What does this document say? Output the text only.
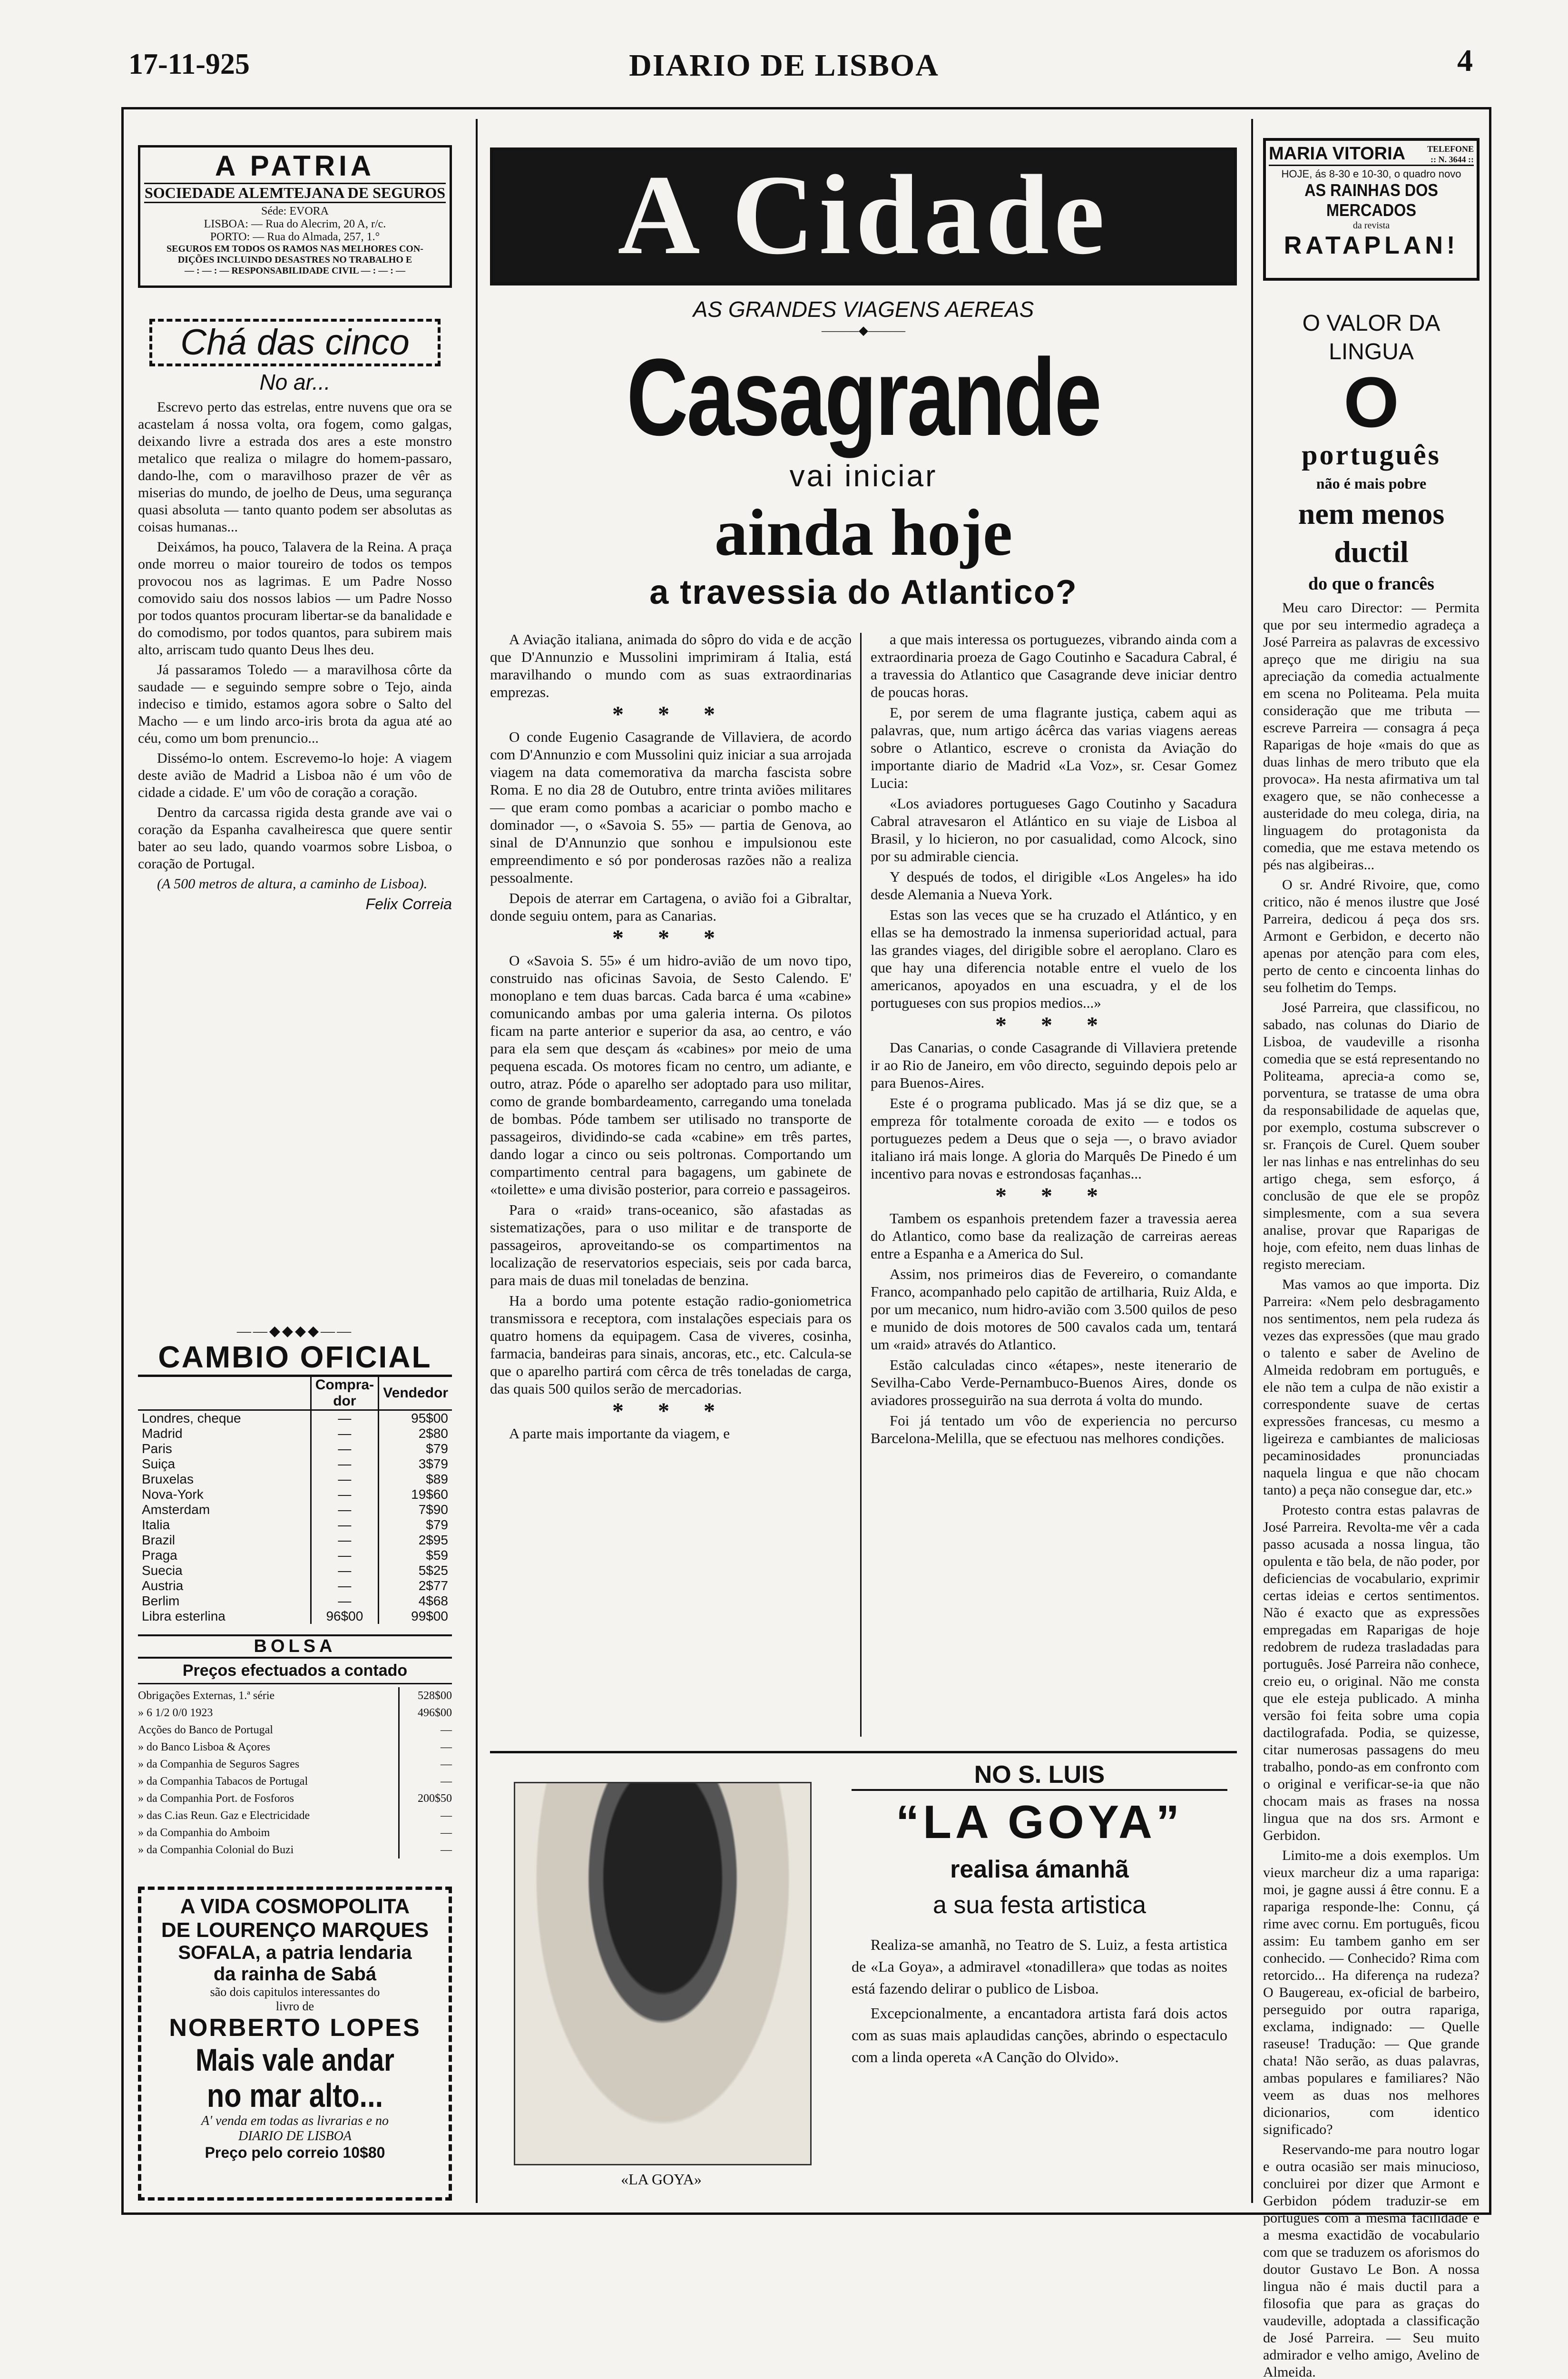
17-11-925	DIARIO DE LISBOA	4
A PATRIA
SOCIEDADE ALEMTEJANA DE SEGUROS
Séde: EVORA
LISBOA: — Rua do Alecrim, 20 A, r/c.
PORTO: — Rua do Almada, 257, 1.°
SEGUROS EM TODOS OS RAMOS NAS MELHORES CON-
DIÇÕES INCLUINDO DESASTRES NO TRABALHO E
— : — : — RESPONSABILIDADE CIVIL — : — : —
Chá das cinco
No ar...

Escrevo perto das estrelas, entre nuvens que ora se acastelam á nossa volta, ora fogem, como galgas, deixando livre a estrada dos ares a este monstro metalico que realiza o milagre do homem-passaro, dando-lhe, com o maravilhoso prazer de vêr as miserias do mundo, de joelho de Deus, uma segurança quasi absoluta — tanto quanto podem ser absolutas as coisas humanas...

Deixámos, ha pouco, Talavera de la Reina. A praça onde morreu o maior toureiro de todos os tempos provocou nos as lagrimas. E um Padre Nosso comovido saiu dos nossos labios — um Padre Nosso por todos quantos procuram libertar-se da banalidade e do comodismo, por todos quantos, para subirem mais alto, arriscam tudo quanto Deus lhes deu.

Já passaramos Toledo — a maravilhosa côrte da saudade — e seguindo sempre sobre o Tejo, ainda indeciso e timido, estamos agora sobre o Salto del Macho — e um lindo arco-iris brota da agua até ao céu, como um bom prenuncio...

Dissémo-lo ontem. Escrevemo-lo hoje: A viagem deste avião de Madrid a Lisboa não é um vôo de cidade a cidade. E' um vôo de coração a coração.

Dentro da carcassa rigida desta grande ave vai o coração da Espanha cavalheiresca que quere sentir bater ao seu lado, quando voarmos sobre Lisboa, o coração de Portugal.

(A 500 metros de altura, a caminho de Lisboa).

Felix Correia
——◆◆◆◆——
CAMBIO OFICIAL
	Compra-dor	Vendedor
Londres, cheque	—	95$00
Madrid	—	2$80
Paris	—	$79
Suiça	—	3$79
Bruxelas	—	$89
Nova-York	—	19$60
Amsterdam	—	7$90
Italia	—	$79
Brazil	—	2$95
Praga	—	$59
Suecia	—	5$25
Austria	—	2$77
Berlim	—	4$68
Libra esterlina	96$00	99$00
BOLSA
Preços efectuados a contado
Obrigações Externas, 1.ª série	528$00
» 6 1/2 0/0 1923	496$00
Acções do Banco de Portugal	—
» do Banco Lisboa & Açores	—
» da Companhia de Seguros Sagres	—
» da Companhia Tabacos de Portugal	—
» da Companhia Port. de Fosforos	200$50
» das C.ias Reun. Gaz e Electricidade	—
» da Companhia do Amboim	—
» da Companhia Colonial do Buzi	—
A VIDA COSMOPOLITA
DE LOURENÇO MARQUES
SOFALA, a patria lendaria
da rainha de Sabá
são dois capitulos interessantes do
livro de
NORBERTO LOPES
Mais vale andar
no mar alto...
A' venda em todas as livrarias e no
DIARIO DE LISBOA
Preço pelo correio 10$80
A Cidade
AS GRANDES VIAGENS AEREAS
———◆———
Casagrande
vai iniciar
ainda hoje
a travessia do Atlantico?

A Aviação italiana, animada do sôpro do vida e de acção que D'Annunzio e Mussolini imprimiram á Italia, está maravilhando o mundo com as suas extraordinarias emprezas.

* * *

O conde Eugenio Casagrande de Villaviera, de acordo com D'Annunzio e com Mussolini quiz iniciar a sua arrojada viagem na data comemorativa da marcha fascista sobre Roma. E no dia 28 de Outubro, entre trinta aviões militares — que eram como pombas a acariciar o pombo macho e dominador —, o «Savoia S. 55» — partia de Genova, ao sinal de D'Annunzio que sonhou e impulsionou este empreendimento e só por ponderosas razões não a realiza pessoalmente.

Depois de aterrar em Cartagena, o avião foi a Gibraltar, donde seguiu ontem, para as Canarias.

* * *

O «Savoia S. 55» é um hidro-avião de um novo tipo, construido nas oficinas Savoia, de Sesto Calendo. E' monoplano e tem duas barcas. Cada barca é uma «cabine» comunicando ambas por uma galeria interna. Os pilotos ficam na parte anterior e superior da asa, ao centro, e váo para ela sem que desçam ás «cabines» por meio de uma pequena escada. Os motores ficam no centro, um adiante, e outro, atraz. Póde o aparelho ser adoptado para uso militar, como de grande bombardeamento, carregando uma tonelada de bombas. Póde tambem ser utilisado no transporte de passageiros, dividindo-se cada «cabine» em três partes, dando logar a cinco ou seis poltronas. Comportando um compartimento central para bagagens, um gabinete de «toilette» e uma divisão posterior, para correio e passageiros.

Para o «raid» trans-oceanico, são afastadas as sistematizações, para o uso militar e de transporte de passageiros, aproveitando-se os compartimentos na localização de reservatorios especiais, seis por cada barca, para mais de duas mil toneladas de benzina.

Ha a bordo uma potente estação radio-goniometrica transmissora e receptora, com instalações especiais para os quatro homens da equipagem. Casa de viveres, cosinha, farmacia, bandeiras para sinais, ancoras, etc., etc. Calcula-se que o aparelho partirá com cêrca de três toneladas de carga, das quais 500 quilos serão de mercadorias.

* * *

A parte mais importante da viagem, e

a que mais interessa os portuguezes, vibrando ainda com a extraordinaria proeza de Gago Coutinho e Sacadura Cabral, é a travessia do Atlantico que Casagrande deve iniciar dentro de poucas horas.

E, por serem de uma flagrante justiça, cabem aqui as palavras, que, num artigo ácêrca das varias viagens aereas sobre o Atlantico, escreve o cronista da Aviação do importante diario de Madrid «La Voz», sr. Cesar Gomez Lucia:

«Los aviadores portugueses Gago Coutinho y Sacadura Cabral atravesaron el Atlántico en su viaje de Lisboa al Brasil, y lo hicieron, no por casualidad, como Alcock, sino por su admirable ciencia.

Y después de todos, el dirigible «Los Angeles» ha ido desde Alemania a Nueva York.

Estas son las veces que se ha cruzado el Atlántico, y en ellas se ha demostrado la inmensa superioridad actual, para las grandes viages, del dirigible sobre el aeroplano. Claro es que hay una diferencia notable entre el vuelo de los americanos, apoyados en una escuadra, y el de los portugueses con sus propios medios...»

* * *

Das Canarias, o conde Casagrande di Villaviera pretende ir ao Rio de Janeiro, em vôo directo, seguindo depois pelo ar para Buenos-Aires.

Este é o programa publicado. Mas já se diz que, se a empreza fôr totalmente coroada de exito — e todos os portuguezes pedem a Deus que o seja —, o bravo aviador italiano irá mais longe. A gloria do Marquês De Pinedo é um incentivo para novas e estrondosas façanhas...

* * *

Tambem os espanhois pretendem fazer a travessia aerea do Atlantico, como base da realização de carreiras aereas entre a Espanha e a America do Sul.

Assim, nos primeiros dias de Fevereiro, o comandante Franco, acompanhado pelo capitão de artilharia, Ruiz Alda, e por um mecanico, num hidro-avião com 3.500 quilos de peso e munido de dois motores de 500 cavalos cada um, tentará um «raid» através do Atlantico.

Estão calculadas cinco «étapes», neste itenerario de Sevilha-Cabo Verde-Pernambuco-Buenos Aires, donde os aviadores prosseguirão na sua derrota á volta do mundo.

Foi já tentado um vôo de experiencia no percurso Barcelona-Melilla, que se efectuou nas melhores condições.

«LA GOYA»
NO S. LUIS
“LA GOYA”
realisa ámanhã
a sua festa artistica

Realiza-se amanhã, no Teatro de S. Luiz, a festa artistica de «La Goya», a admiravel «tonadillera» que todas as noites está fazendo delirar o publico de Lisboa.

Excepcionalmente, a encantadora artista fará dois actos com as suas mais aplaudidas canções, abrindo o espectaculo com a linda opereta «A Canção do Olvido».

MARIA VITORIA	TELEFONE
:: N. 3644 ::
HOJE, ás 8-30 e 10-30, o quadro novo
AS RAINHAS DOS MERCADOS
da revista
RATAPLAN!
O VALOR DA LINGUA
O
português
não é mais pobre
nem menos ductil
do que o francês

Meu caro Director: — Permita que por seu intermedio agradeça a José Parreira as palavras de excessivo apreço que me dirigiu na sua apreciação da comedia actualmente em scena no Politeama. Pela muita consideração que me tributa — escreve Parreira — consagra á peça Raparigas de hoje «mais do que as duas linhas de mero tributo que ela provoca». Ha nesta afirmativa um tal exagero que, se não conhecesse a austeridade do meu colega, diria, na linguagem do protagonista da comedia, que me estava metendo os pés nas algibeiras...

O sr. André Rivoire, que, como critico, não é menos ilustre que José Parreira, dedicou á peça dos srs. Armont e Gerbidon, e decerto não apenas por atenção para com eles, perto de cento e cincoenta linhas do seu folhetim do Temps.

José Parreira, que classificou, no sabado, nas colunas do Diario de Lisboa, de vaudeville a risonha comedia que se está representando no Politeama, aprecia-a como se, porventura, se tratasse de uma obra da responsabilidade de aquelas que, por exemplo, costuma subscrever o sr. François de Curel. Quem souber ler nas linhas e nas entrelinhas do seu artigo chega, sem esforço, á conclusão de que ele se propôz simplesmente, com a sua severa analise, provar que Raparigas de hoje, com efeito, nem duas linhas de registo mereciam.

Mas vamos ao que importa. Diz Parreira: «Nem pelo desbragamento nos sentimentos, nem pela rudeza ás vezes das expressões (que mau grado o talento e saber de Avelino de Almeida redobram em português, e ele não tem a culpa de não existir a correspondente suave de certas expressões francesas, cu mesmo a ligeireza e cambiantes de maliciosas pecaminosidades pronunciadas naquela lingua e que não chocam tanto) a peça não consegue dar, etc.»

Protesto contra estas palavras de José Parreira. Revolta-me vêr a cada passo acusada a nossa lingua, tão opulenta e tão bela, de não poder, por deficiencias de vocabulario, exprimir certas ideias e certos sentimentos. Não é exacto que as expressões empregadas em Raparigas de hoje redobrem de rudeza trasladadas para português. José Parreira não conhece, creio eu, o original. Não me consta que ele esteja publicado. A minha versão foi feita sobre uma copia dactilografada. Podia, se quizesse, citar numerosas passagens do meu trabalho, pondo-as em confronto com o original e verificar-se-ia que não chocam mais as frases na nossa lingua que na dos srs. Armont e Gerbidon.

Limito-me a dois exemplos. Um vieux marcheur diz a uma rapariga: moi, je gagne aussi á être connu. E a rapariga responde-lhe: Connu, çá rime avec cornu. Em português, ficou assim: Eu tambem ganho em ser conhecido. — Conhecido? Rima com retorcido... Ha diferença na rudeza? O Baugereau, ex-oficial de barbeiro, perseguido por outra rapariga, exclama, indignado: — Quelle raseuse! Tradução: — Que grande chata! Não serão, as duas palavras, ambas populares e familiares? Não veem as duas nos melhores dicionarios, com identico significado?

Reservando-me para noutro logar e outra ocasião ser mais minucioso, concluirei por dizer que Armont e Gerbidon pódem traduzir-se em português com a mesma facilidade e a mesma exactidão de vocabulario com que se traduzem os aforismos do doutor Gustavo Le Bon. A nossa lingua não é mais ductil para a filosofia que para as graças do vaudeville, adoptada a classificação de José Parreira. — Seu muito admirador e velho amigo, Avelino de Almeida.
